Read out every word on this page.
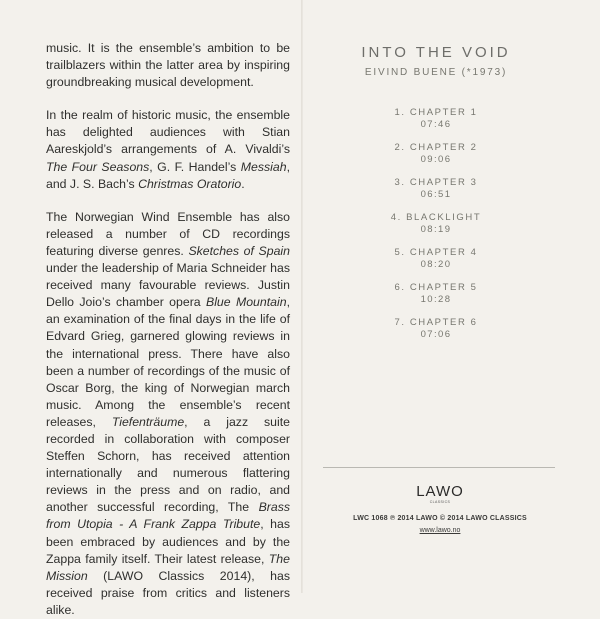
music. It is the ensemble’s ambition to be trailblazers within the latter area by inspiring groundbreaking musical development.

In the realm of historic music, the ensemble has delighted audiences with Stian Aareskjold’s arrangements of A. Vivaldi’s The Four Seasons, G. F. Handel’s Messiah, and J. S. Bach’s Christmas Oratorio.

The Norwegian Wind Ensemble has also released a number of CD recordings featuring diverse genres. Sketches of Spain under the leadership of Maria Schneider has received many favourable reviews. Justin Dello Joio’s chamber opera Blue Mountain, an examination of the final days in the life of Edvard Grieg, garnered glowing reviews in the international press. There have also been a number of recordings of the music of Oscar Borg, the king of Norwegian march music. Among the ensemble’s recent releases, Tiefenträume, a jazz suite recorded in collaboration with composer Steffen Schorn, has received attention internationally and numerous flattering reviews in the press and on radio, and another successful recording, The Brass from Utopia - A Frank Zappa Tribute, has been embraced by audiences and by the Zappa family itself. Their latest release, The Mission (LAWO Classics 2014), has received praise from critics and listeners alike.

INTO THE VOID
EIVIND BUENE (*1973)
1. CHAPTER 1
07:46
2. CHAPTER 2
09:06
3. CHAPTER 3
06:51
4. BLACKLIGHT
08:19
5. CHAPTER 4
08:20
6. CHAPTER 5
10:28
7. CHAPTER 6
07:06
LAWO
CLASSICS
LWC 1068 ℗ 2014 LAWO © 2014 LAWO CLASSICS
www.lawo.no
